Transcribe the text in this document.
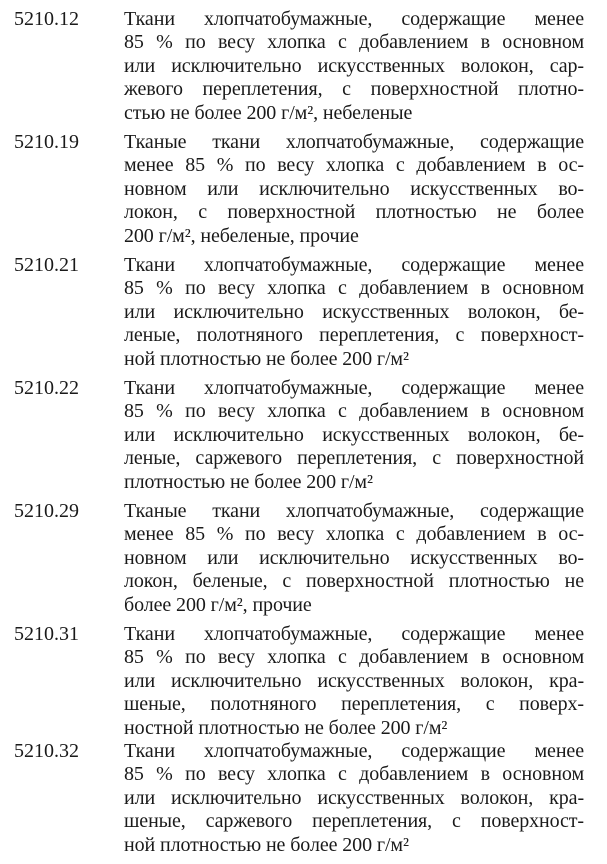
5210.12 Ткани хлопчатобумажные, содержащие менее
85 % по весу хлопка с добавлением в основном
или исключительно искусственных волокон, сар-
жевого переплетения, с поверхностной плотно-
стью не более 200 г/м², небеленые
5210.19 Тканые ткани хлопчатобумажные, содержащие
менее 85 % по весу хлопка с добавлением в ос-
новном или исключительно искусственных во-
локон, с поверхностной плотностью не более
200 г/м², небеленые, прочие
5210.21 Ткани хлопчатобумажные, содержащие менее
85 % по весу хлопка с добавлением в основном
или исключительно искусственных волокон, бе-
леные, полотняного переплетения, с поверхност-
ной плотностью не более 200 г/м²
5210.22 Ткани хлопчатобумажные, содержащие менее
85 % по весу хлопка с добавлением в основном
или исключительно искусственных волокон, бе-
леные, саржевого переплетения, с поверхностной
плотностью не более 200 г/м²
5210.29 Тканые ткани хлопчатобумажные, содержащие
менее 85 % по весу хлопка с добавлением в ос-
новном или исключительно искусственных во-
локон, беленые, с поверхностной плотностью не
более 200 г/м², прочие
5210.31 Ткани хлопчатобумажные, содержащие менее
85 % по весу хлопка с добавлением в основном
или исключительно искусственных волокон, кра-
шеные, полотняного переплетения, с поверх-
ностной плотностью не более 200 г/м²
5210.32 Ткани хлопчатобумажные, содержащие менее
85 % по весу хлопка с добавлением в основном
или исключительно искусственных волокон, кра-
шеные, саржевого переплетения, с поверхност-
ной плотностью не более 200 г/м²
